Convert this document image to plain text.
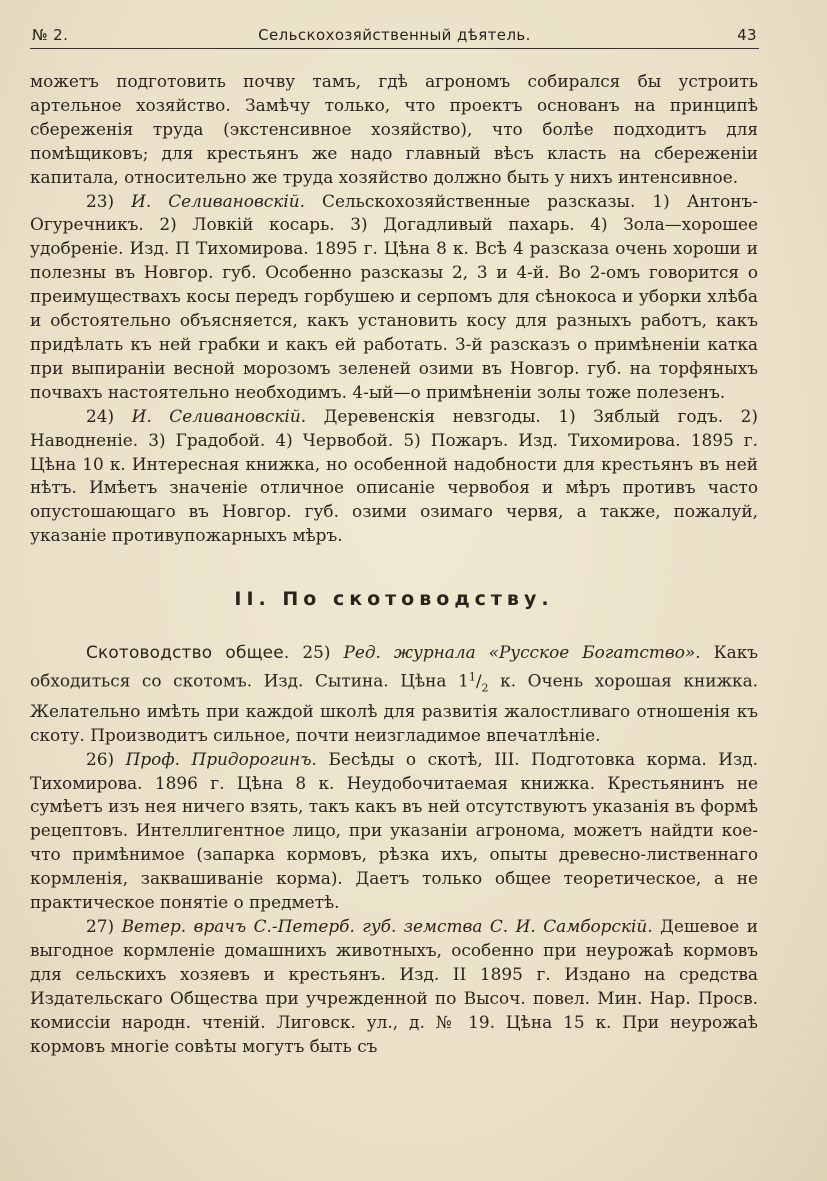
№ 2.	Сельскохозяйственный дѣятель.	43

можетъ подготовить почву тамъ, гдѣ агрономъ собирался бы устроить артельное хозяйство. Замѣчу только, что проектъ основанъ на принципѣ сбереженія труда (экстенсивное хозяйство), что болѣе подходитъ для помѣщиковъ; для крестьянъ же надо главный вѣсъ класть на сбереженіи капитала, относительно же труда хозяйство должно быть у нихъ интенсивное.

23) И. Селивановскій. Сельскохозяйственные разсказы. 1) Антонъ-Огуречникъ. 2) Ловкій косарь. 3) Догадливый пахарь. 4) Зола—хорошее удобреніе. Изд. П Тихомирова. 1895 г. Цѣна 8 к. Всѣ 4 разсказа очень хороши и полезны въ Новгор. губ. Особенно разсказы 2, 3 и 4-й. Во 2-омъ говорится о преимуществахъ косы передъ горбушею и серпомъ для сѣнокоса и уборки хлѣба и обстоятельно объясняется, какъ установить косу для разныхъ работъ, какъ придѣлать къ ней грабки и какъ ей работать. 3-й разсказъ о примѣненіи катка при выпираніи весной морозомъ зеленей озими въ Новгор. губ. на торфяныхъ почвахъ настоятельно необходимъ. 4-ый—о примѣненіи золы тоже полезенъ.

24) И. Селивановскій. Деревенскія невзгоды. 1) Зяблый годъ. 2) Наводненіе. 3) Градобой. 4) Червобой. 5) Пожаръ. Изд. Тихомирова. 1895 г. Цѣна 10 к. Интересная книжка, но особенной надобности для крестьянъ въ ней нѣтъ. Имѣетъ значеніе отличное описаніе червобоя и мѣръ противъ часто опустошающаго въ Новгор. губ. озими озимаго червя, а также, пожалуй, указаніе противупожарныхъ мѣръ.

II. По скотоводству.

Скотоводство общее. 25) Ред. журнала «Русское Богатство». Какъ обходиться со скотомъ. Изд. Сытина. Цѣна $1^1/_2$ к. Очень хорошая книжка. Желательно имѣть при каждой школѣ для развитія жалостливаго отношенія къ скоту. Производитъ сильное, почти неизгладимое впечатлѣніе.

26) Проф. Придорогинъ. Бесѣды о скотѣ, III. Подготовка корма. Изд. Тихомирова. 1896 г. Цѣна 8 к. Неудобочитаемая книжка. Крестьянинъ не сумѣетъ изъ нея ничего взять, такъ какъ въ ней отсутствуютъ указанія въ формѣ рецептовъ. Интеллигентное лицо, при указаніи агронома, можетъ найдти кое-что примѣнимое (запарка кормовъ, рѣзка ихъ, опыты древесно-лиственнаго кормленія, заквашиваніе корма). Даетъ только общее теоретическое, а не практическое понятіе о предметѣ.

27) Ветер. врачъ С.-Петерб. губ. земства С. И. Самборскій. Дешевое и выгодное кормленіе домашнихъ животныхъ, особенно при неурожаѣ кормовъ для сельскихъ хозяевъ и крестьянъ. Изд. II 1895 г. Издано на средства Издательскаго Общества при учрежденной по Высоч. повел. Мин. Нар. Просв. комиссіи народн. чтеній. Лиговск. ул., д. № 19. Цѣна 15 к. При неурожаѣ кормовъ многіе совѣты могутъ быть съ
